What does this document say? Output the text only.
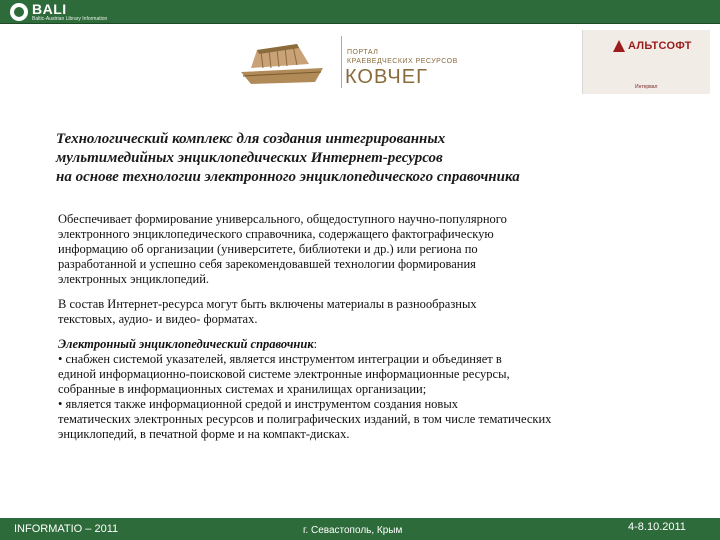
BALI
Baltic-Austrian Library Information
ПОРТАЛ
КРАЕВЕДЧЕСКИХ РЕСУРСОВ
КОВЧЕГ
АЛЬТСОФТ
Интервал
Технологический комплекс для создания интегрированных
мультимедийных энциклопедических Интернет-ресурсов
на основе технологии электронного энциклопедического справочника
Обеспечивает формирование универсального, общедоступного научно-популярного
электронного энциклопедического справочника, содержащего фактографическую
информацию об организации (университете, библиотеки и др.) или региона по
разработанной и успешно себя зарекомендовавшей технологии формирования
электронных энциклопедий.
В состав Интернет-ресурса могут быть включены материалы в разнообразных
текстовых, аудио- и видео- форматах.
Электронный энциклопедический справочник:
• снабжен системой указателей, является инструментом интеграции и объединяет в
единой информационно-поисковой системе электронные информационные ресурсы,
собранные в информационных системах и хранилищах организации;
• является также информационной средой и инструментом создания новых
тематических электронных ресурсов и полиграфических изданий, в том числе тематических
энциклопедий, в печатной форме и на компакт-дисках.
INFORMATIO – 2011	г. Севастополь, Крым	4-8.10.2011
